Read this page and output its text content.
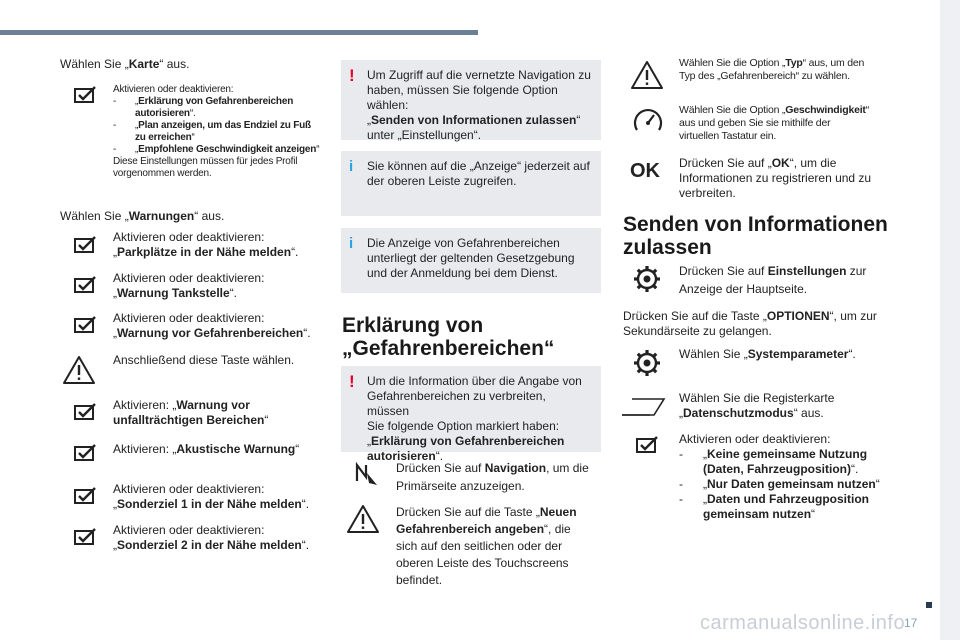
Wählen Sie „Karte“ aus.
Aktivieren oder deaktivieren:
- „Erklärung von Gefahrenbereichen
autorisieren“.
- „Plan anzeigen, um das Endziel zu Fuß
zu erreichen“
- „Empfohlene Geschwindigkeit anzeigen“
Diese Einstellungen müssen für jedes Profil
vorgenommen werden.
Wählen Sie „Warnungen“ aus.
Aktivieren oder deaktivieren:
„Parkplätze in der Nähe melden“.
Aktivieren oder deaktivieren:
„Warnung Tankstelle“.
Aktivieren oder deaktivieren:
„Warnung vor Gefahrenbereichen“.
Anschließend diese Taste wählen.
Aktivieren: „Warnung vor
unfallträchtigen Bereichen“
Aktivieren: „Akustische Warnung“
Aktivieren oder deaktivieren:
„Sonderziel 1 in der Nähe melden“.
Aktivieren oder deaktivieren:
„Sonderziel 2 in der Nähe melden“.
! Um Zugriff auf die vernetzte Navigation zu
haben, müssen Sie folgende Option wählen:
„Senden von Informationen zulassen“
unter „Einstellungen“.
i Sie können auf die „Anzeige“ jederzeit auf
der oberen Leiste zugreifen.
i Die Anzeige von Gefahrenbereichen
unterliegt der geltenden Gesetzgebung
und der Anmeldung bei dem Dienst.
Erklärung von
„Gefahrenbereichen“
! Um die Information über die Angabe von
Gefahrenbereichen zu verbreiten, müssen
Sie folgende Option markiert haben:
„Erklärung von Gefahrenbereichen
autorisieren“.
Drücken Sie auf Navigation, um die
Primärseite anzuzeigen.
Drücken Sie auf die Taste „Neuen
Gefahrenbereich angeben“, die
sich auf den seitlichen oder der
oberen Leiste des Touchscreens
befindet.
Wählen Sie die Option „Typ“ aus, um den
Typ des „Gefahrenbereich“ zu wählen.
Wählen Sie die Option „Geschwindigkeit“
aus und geben Sie sie mithilfe der
virtuellen Tastatur ein.
OK Drücken Sie auf „OK“, um die
Informationen zu registrieren und zu
verbreiten.
Senden von Informationen
zulassen
Drücken Sie auf Einstellungen zur
Anzeige der Hauptseite.
Drücken Sie auf die Taste „OPTIONEN“, um zur
Sekundärseite zu gelangen.
Wählen Sie „Systemparameter“.
Wählen Sie die Registerkarte
„Datenschutzmodus“ aus.
Aktivieren oder deaktivieren:
- „Keine gemeinsame Nutzung
(Daten, Fahrzeugposition)“.
- „Nur Daten gemeinsam nutzen“
- „Daten und Fahrzeugposition
gemeinsam nutzen“
carmanualsonline.info
17
